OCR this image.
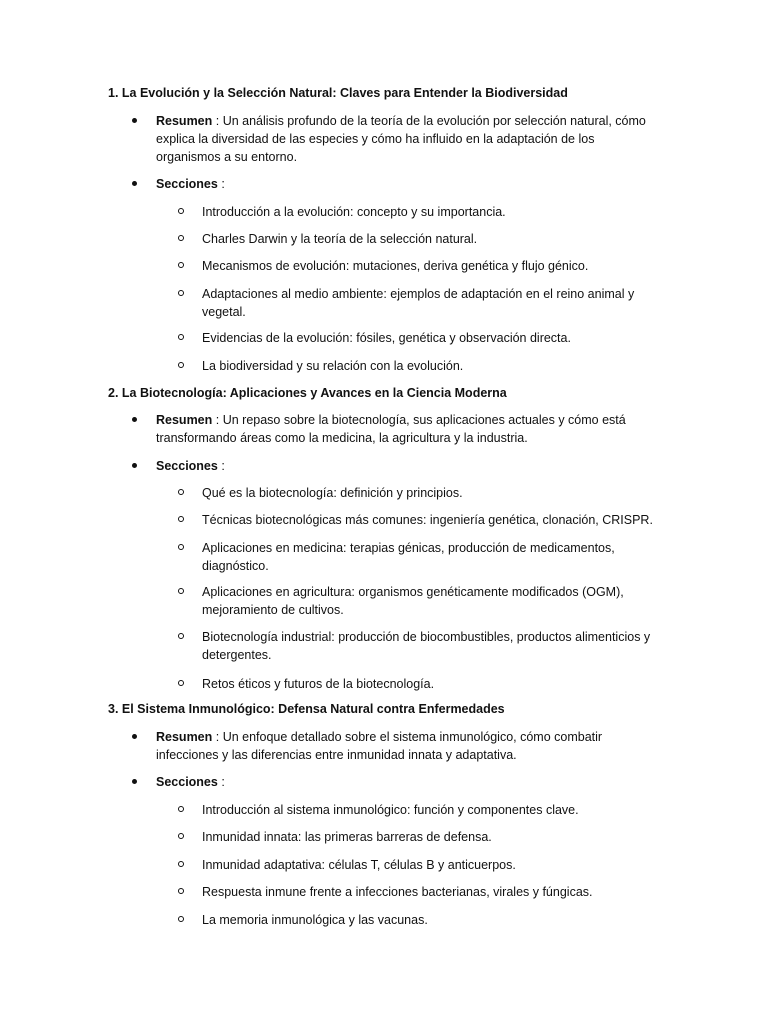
1. La Evolución y la Selección Natural: Claves para Entender la Biodiversidad
Resumen : Un análisis profundo de la teoría de la evolución por selección natural, cómo explica la diversidad de las especies y cómo ha influido en la adaptación de los organismos a su entorno.
Secciones :
Introducción a la evolución: concepto y su importancia.
Charles Darwin y la teoría de la selección natural.
Mecanismos de evolución: mutaciones, deriva genética y flujo génico.
Adaptaciones al medio ambiente: ejemplos de adaptación en el reino animal y vegetal.
Evidencias de la evolución: fósiles, genética y observación directa.
La biodiversidad y su relación con la evolución.
2. La Biotecnología: Aplicaciones y Avances en la Ciencia Moderna
Resumen : Un repaso sobre la biotecnología, sus aplicaciones actuales y cómo está transformando áreas como la medicina, la agricultura y la industria.
Secciones :
Qué es la biotecnología: definición y principios.
Técnicas biotecnológicas más comunes: ingeniería genética, clonación, CRISPR.
Aplicaciones en medicina: terapias génicas, producción de medicamentos, diagnóstico.
Aplicaciones en agricultura: organismos genéticamente modificados (OGM), mejoramiento de cultivos.
Biotecnología industrial: producción de biocombustibles, productos alimenticios y detergentes.
Retos éticos y futuros de la biotecnología.
3. El Sistema Inmunológico: Defensa Natural contra Enfermedades
Resumen : Un enfoque detallado sobre el sistema inmunológico, cómo combatir infecciones y las diferencias entre inmunidad innata y adaptativa.
Secciones :
Introducción al sistema inmunológico: función y componentes clave.
Inmunidad innata: las primeras barreras de defensa.
Inmunidad adaptativa: células T, células B y anticuerpos.
Respuesta inmune frente a infecciones bacterianas, virales y fúngicas.
La memoria inmunológica y las vacunas.
